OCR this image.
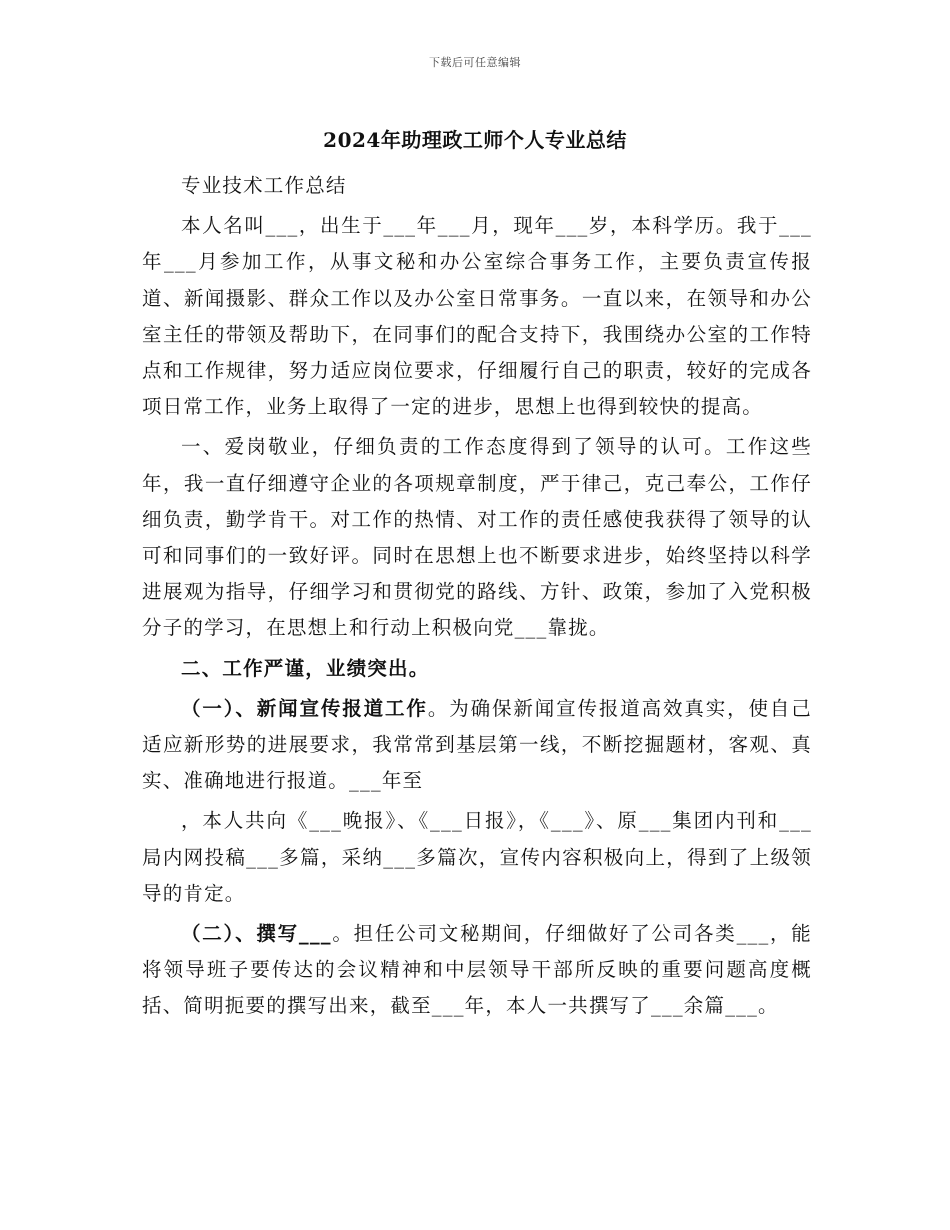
下载后可任意编辑
2024年助理政工师个人专业总结

专业技术工作总结

本人名叫___，出生于___年___月，现年___岁，本科学历。我于___年___月参加工作，从事文秘和办公室综合事务工作，主要负责宣传报道、新闻摄影、群众工作以及办公室日常事务。一直以来，在领导和办公室主任的带领及帮助下，在同事们的配合支持下，我围绕办公室的工作特点和工作规律，努力适应岗位要求，仔细履行自己的职责，较好的完成各项日常工作，业务上取得了一定的进步，思想上也得到较快的提高。

一、爱岗敬业，仔细负责的工作态度得到了领导的认可。工作这些年，我一直仔细遵守企业的各项规章制度，严于律己，克己奉公，工作仔细负责，勤学肯干。对工作的热情、对工作的责任感使我获得了领导的认可和同事们的一致好评。同时在思想上也不断要求进步，始终坚持以科学进展观为指导，仔细学习和贯彻党的路线、方针、政策，参加了入党积极分子的学习，在思想上和行动上积极向党___靠拢。

二、工作严谨，业绩突出。

（一）、新闻宣传报道工作。为确保新闻宣传报道高效真实，使自己适应新形势的进展要求，我常常到基层第一线，不断挖掘题材，客观、真实、准确地进行报道。___年至

，本人共向《___晚报》、《___日报》，《___》、原___集团内刊和___局内网投稿___多篇，采纳___多篇次，宣传内容积极向上，得到了上级领导的肯定。

（二）、撰写___。担任公司文秘期间，仔细做好了公司各类___，能将领导班子要传达的会议精神和中层领导干部所反映的重要问题高度概括、简明扼要的撰写出来，截至___年，本人一共撰写了___余篇___。
